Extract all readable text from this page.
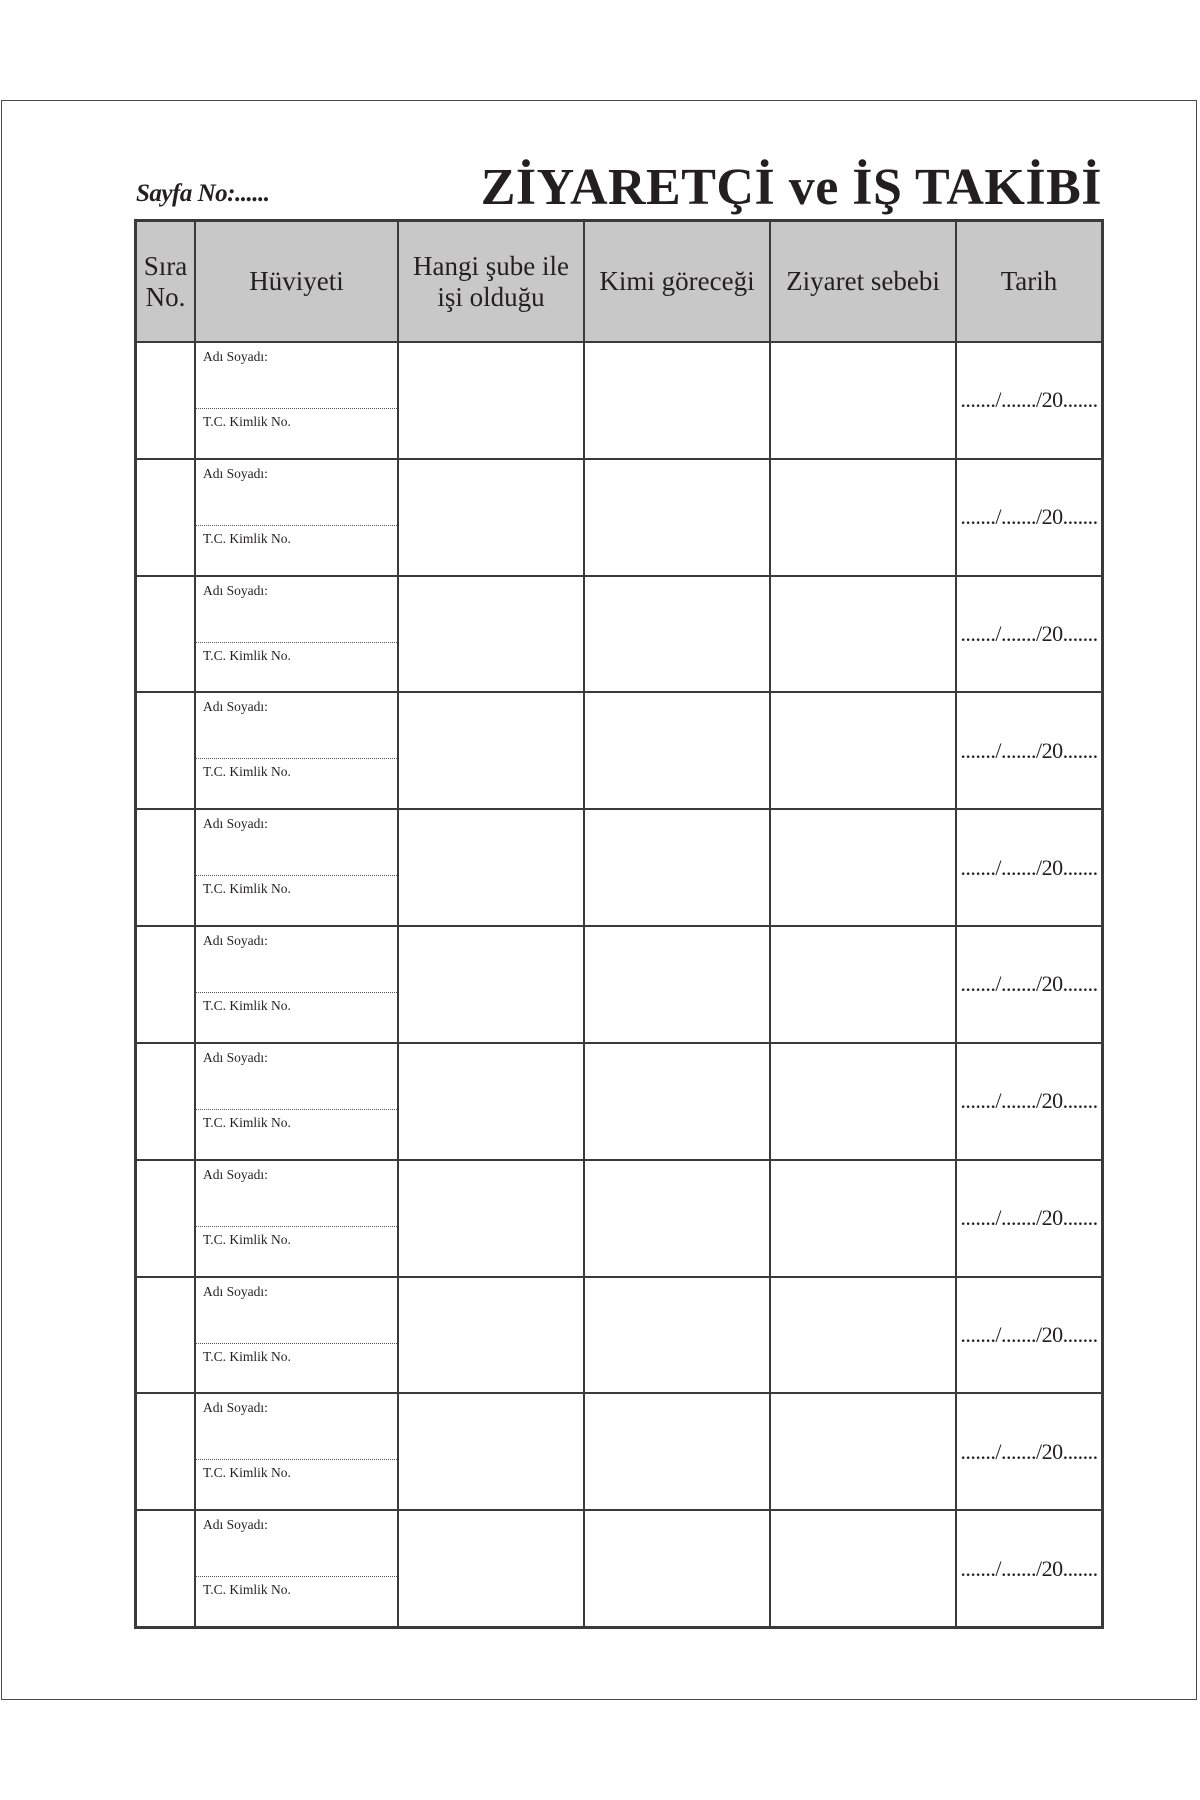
Sayfa No:......	ZİYARETÇİ ve İŞ TAKİBİ
Sıra
No.
Hüviyeti
Hangi şube ile
işi olduğu
Kimi göreceği Ziyaret sebebi Tarih
Adı Soyadı:
T.C. Kimlik No.
......./......./20.......
Adı Soyadı:
T.C. Kimlik No.
......./......./20.......
Adı Soyadı:
T.C. Kimlik No.
......./......./20.......
Adı Soyadı:
T.C. Kimlik No.
......./......./20.......
Adı Soyadı:
T.C. Kimlik No.
......./......./20.......
Adı Soyadı:
T.C. Kimlik No.
......./......./20.......
Adı Soyadı:
T.C. Kimlik No.
......./......./20.......
Adı Soyadı:
T.C. Kimlik No.
......./......./20.......
Adı Soyadı:
T.C. Kimlik No.
......./......./20.......
Adı Soyadı:
T.C. Kimlik No.
......./......./20.......
Adı Soyadı:
T.C. Kimlik No.
......./......./20.......
